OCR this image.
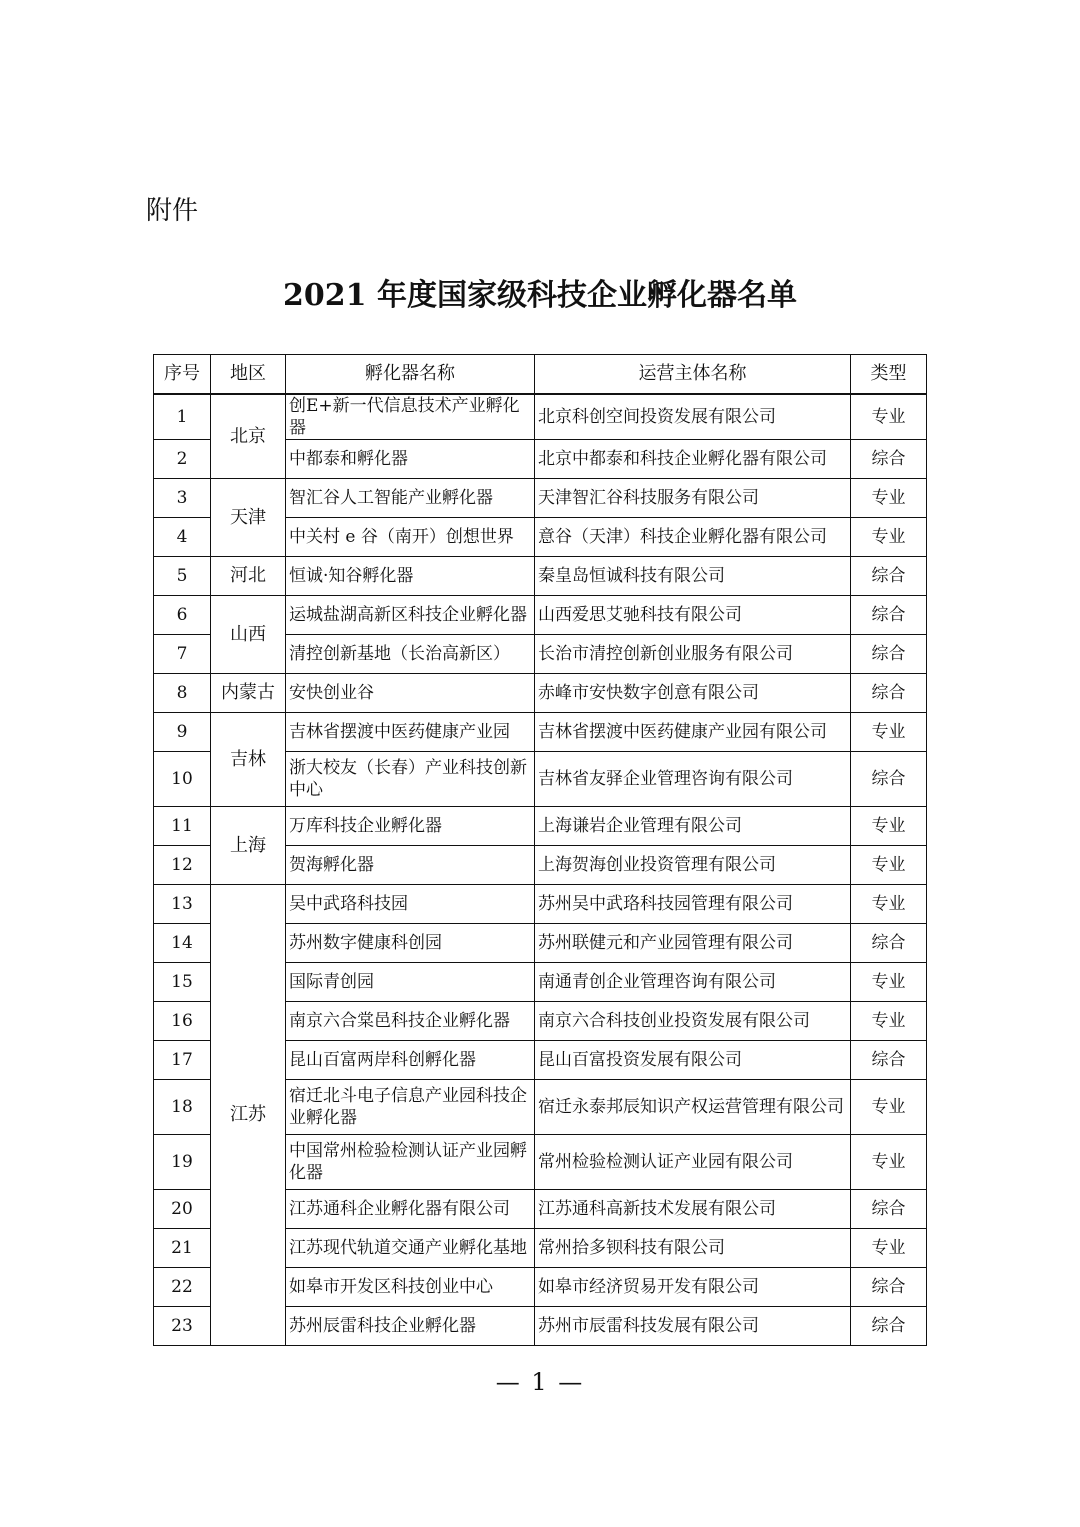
附件
2021 年度国家级科技企业孵化器名单
序号	地区	孵化器名称	运营主体名称	类型
1	北京	创E+新一代信息技术产业孵化器	北京科创空间投资发展有限公司	专业
2		中都泰和孵化器	北京中都泰和科技企业孵化器有限公司	综合
3	天津	智汇谷人工智能产业孵化器	天津智汇谷科技服务有限公司	专业
4		中关村 e 谷（南开）创想世界	意谷（天津）科技企业孵化器有限公司	专业
5	河北	恒诚·知谷孵化器	秦皇岛恒诚科技有限公司	综合
6	山西	运城盐湖高新区科技企业孵化器	山西爱思艾驰科技有限公司	综合
7		清控创新基地（长治高新区）	长治市清控创新创业服务有限公司	综合
8	内蒙古	安快创业谷	赤峰市安快数字创意有限公司	综合
9	吉林	吉林省摆渡中医药健康产业园	吉林省摆渡中医药健康产业园有限公司	专业
10		浙大校友（长春）产业科技创新中心	吉林省友驿企业管理咨询有限公司	综合
11	上海	万库科技企业孵化器	上海谦岩企业管理有限公司	专业
12		贺海孵化器	上海贺海创业投资管理有限公司	专业
13	江苏	吴中武珞科技园	苏州吴中武珞科技园管理有限公司	专业
14		苏州数字健康科创园	苏州联健元和产业园管理有限公司	综合
15		国际青创园	南通青创企业管理咨询有限公司	专业
16		南京六合棠邑科技企业孵化器	南京六合科技创业投资发展有限公司	专业
17		昆山百富两岸科创孵化器	昆山百富投资发展有限公司	综合
18		宿迁北斗电子信息产业园科技企业孵化器	宿迁永泰邦辰知识产权运营管理有限公司	专业
19		中国常州检验检测认证产业园孵化器	常州检验检测认证产业园有限公司	专业
20		江苏通科企业孵化器有限公司	江苏通科高新技术发展有限公司	综合
21		江苏现代轨道交通产业孵化基地	常州拾多钡科技有限公司	专业
22		如皋市开发区科技创业中心	如皋市经济贸易开发有限公司	综合
23		苏州辰雷科技企业孵化器	苏州市辰雷科技发展有限公司	综合
— 1 —
